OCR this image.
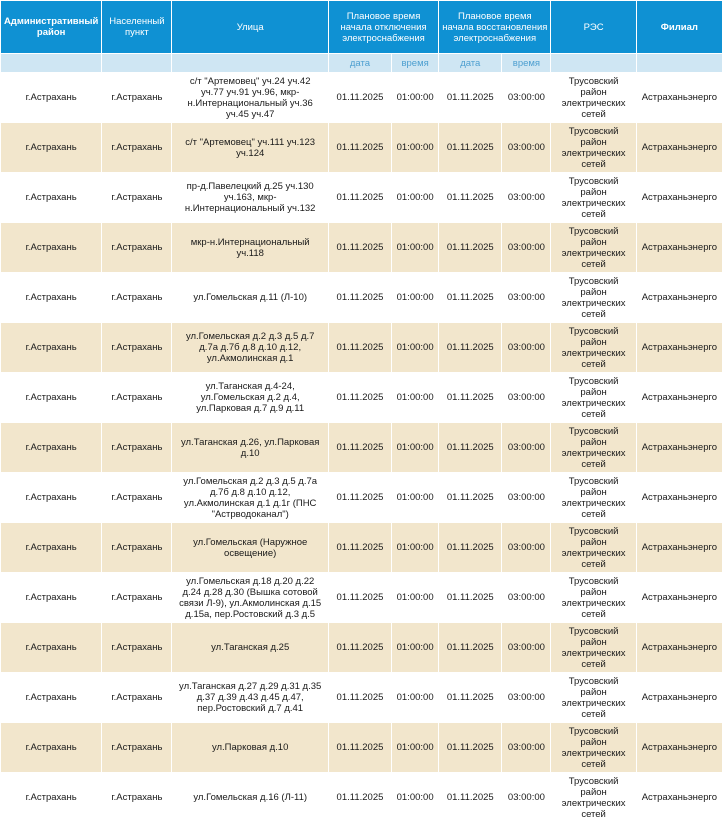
Административный район	Населенный пункт	Улица	Плановое время начала отключения электроснабжения		Плановое время начала восстановления электроснабжения		РЭС	Филиал
			дата	время	дата	время		
г.Астрахань	г.Астрахань	с/т "Артемовец" уч.24 уч.42 уч.77 уч.91 уч.96, мкр-н.Интернациональный уч.36 уч.45 уч.47	01.11.2025	01:00:00	01.11.2025	03:00:00	Трусовский район электрических сетей	Астраханьэнерго
г.Астрахань	г.Астрахань	с/т "Артемовец" уч.111 уч.123 уч.124	01.11.2025	01:00:00	01.11.2025	03:00:00	Трусовский район электрических сетей	Астраханьэнерго
г.Астрахань	г.Астрахань	пр-д.Павелецкий д.25 уч.130 уч.163, мкр-н.Интернациональный уч.132	01.11.2025	01:00:00	01.11.2025	03:00:00	Трусовский район электрических сетей	Астраханьэнерго
г.Астрахань	г.Астрахань	мкр-н.Интернациональный уч.118	01.11.2025	01:00:00	01.11.2025	03:00:00	Трусовский район электрических сетей	Астраханьэнерго
г.Астрахань	г.Астрахань	ул.Гомельская д.11 (Л-10)	01.11.2025	01:00:00	01.11.2025	03:00:00	Трусовский район электрических сетей	Астраханьэнерго
г.Астрахань	г.Астрахань	ул.Гомельская д.2 д.3 д.5 д.7 д.7а д.7б д.8 д.10 д.12, ул.Акмолинская д.1	01.11.2025	01:00:00	01.11.2025	03:00:00	Трусовский район электрических сетей	Астраханьэнерго
г.Астрахань	г.Астрахань	ул.Таганская д.4-24, ул.Гомельская д.2 д.4, ул.Парковая д.7 д.9 д.11	01.11.2025	01:00:00	01.11.2025	03:00:00	Трусовский район электрических сетей	Астраханьэнерго
г.Астрахань	г.Астрахань	ул.Таганская д.26, ул.Парковая д.10	01.11.2025	01:00:00	01.11.2025	03:00:00	Трусовский район электрических сетей	Астраханьэнерго
г.Астрахань	г.Астрахань	ул.Гомельская д.2 д.3 д.5 д.7а д.7б д.8 д.10 д.12, ул.Акмолинская д.1 д.1г (ПНС "Астрводоканал")	01.11.2025	01:00:00	01.11.2025	03:00:00	Трусовский район электрических сетей	Астраханьэнерго
г.Астрахань	г.Астрахань	ул.Гомельская (Наружное освещение)	01.11.2025	01:00:00	01.11.2025	03:00:00	Трусовский район электрических сетей	Астраханьэнерго
г.Астрахань	г.Астрахань	ул.Гомельская д.18 д.20 д.22 д.24 д.28 д.30 (Вышка сотовой связи Л-9), ул.Акмолинская д.15 д.15а, пер.Ростовский д.3 д.5	01.11.2025	01:00:00	01.11.2025	03:00:00	Трусовский район электрических сетей	Астраханьэнерго
г.Астрахань	г.Астрахань	ул.Таганская д.25	01.11.2025	01:00:00	01.11.2025	03:00:00	Трусовский район электрических сетей	Астраханьэнерго
г.Астрахань	г.Астрахань	ул.Таганская д.27 д.29 д.31 д.35 д.37 д.39 д.43 д.45 д.47, пер.Ростовский д.7 д.41	01.11.2025	01:00:00	01.11.2025	03:00:00	Трусовский район электрических сетей	Астраханьэнерго
г.Астрахань	г.Астрахань	ул.Парковая д.10	01.11.2025	01:00:00	01.11.2025	03:00:00	Трусовский район электрических сетей	Астраханьэнерго
г.Астрахань	г.Астрахань	ул.Гомельская д.16 (Л-11)	01.11.2025	01:00:00	01.11.2025	03:00:00	Трусовский район электрических сетей	Астраханьэнерго
